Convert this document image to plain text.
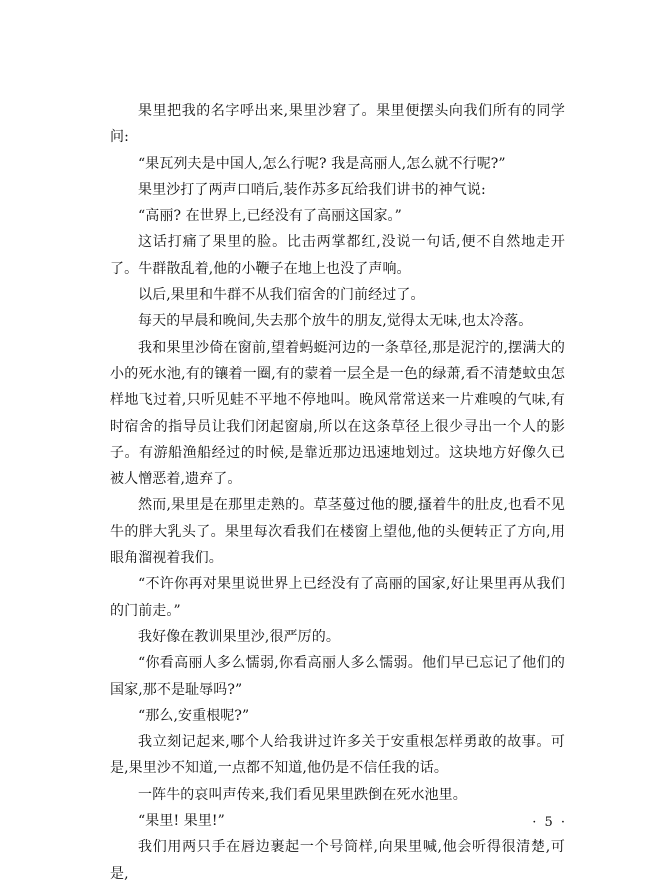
果里把我的名字呼出来,果里沙窘了。果里便摆头向我们所有的同学问:

“果瓦列夫是中国人,怎么行呢? 我是高丽人,怎么就不行呢?”

果里沙打了两声口哨后,装作苏多瓦给我们讲书的神气说:

“高丽? 在世界上,已经没有了高丽这国家。”

这话打痛了果里的脸。比击两掌都红,没说一句话,便不自然地走开了。牛群散乱着,他的小鞭子在地上也没了声响。

以后,果里和牛群不从我们宿舍的门前经过了。

每天的早晨和晚间,失去那个放牛的朋友,觉得太无味,也太冷落。

我和果里沙倚在窗前,望着蚂蜓河边的一条草径,那是泥泞的,摆满大的小的死水池,有的镶着一圈,有的蒙着一层全是一色的绿萧,看不清楚蚊虫怎样地飞过着,只听见蛙不平地不停地叫。晚风常常送来一片难嗅的气味,有时宿舍的指导员让我们闭起窗扇,所以在这条草径上很少寻出一个人的影子。有游船渔船经过的时候,是靠近那边迅速地划过。这块地方好像久已被人憎恶着,遗弃了。

然而,果里是在那里走熟的。草茎蔓过他的腰,搔着牛的肚皮,也看不见牛的胖大乳头了。果里每次看我们在楼窗上望他,他的头便转正了方向,用眼角溜视着我们。

“不许你再对果里说世界上已经没有了高丽的国家,好让果里再从我们的门前走。”

我好像在教训果里沙,很严厉的。

“你看高丽人多么懦弱,你看高丽人多么懦弱。他们早已忘记了他们的国家,那不是耻辱吗?”

“那么,安重根呢?”

我立刻记起来,哪个人给我讲过许多关于安重根怎样勇敢的故事。可是,果里沙不知道,一点都不知道,他仍是不信任我的话。

一阵牛的哀叫声传来,我们看见果里跌倒在死水池里。

“果里! 果里!”

我们用两只手在唇边裹起一个号筒样,向果里喊,他会听得很清楚,可是,

· 5 ·
